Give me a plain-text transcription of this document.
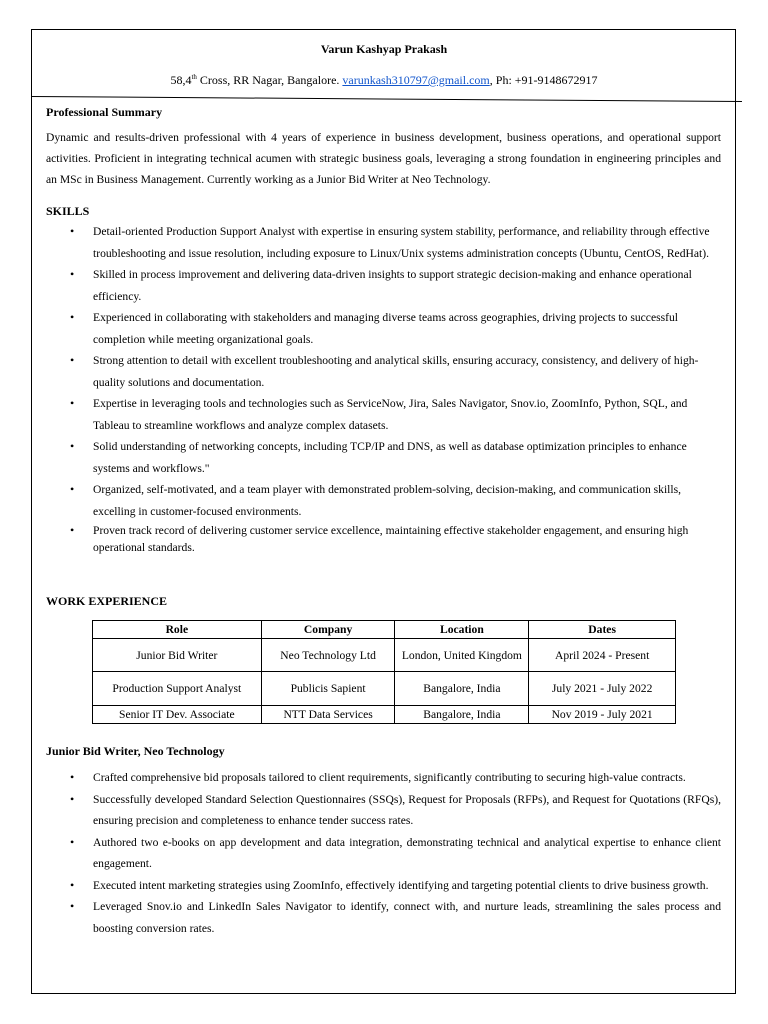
Varun Kashyap Prakash
58,4th Cross, RR Nagar, Bangalore. varunkash310797@gmail.com, Ph: +91-9148672917
Professional Summary

Dynamic and results-driven professional with 4 years of experience in business development, business operations, and operational support activities. Proficient in integrating technical acumen with strategic business goals, leveraging a strong foundation in engineering principles and an MSc in Business Management. Currently working as a Junior Bid Writer at Neo Technology.

SKILLS
• Detail-oriented Production Support Analyst with expertise in ensuring system stability, performance, and reliability through effective troubleshooting and issue resolution, including exposure to Linux/Unix systems administration concepts (Ubuntu, CentOS, RedHat).
• Skilled in process improvement and delivering data-driven insights to support strategic decision-making and enhance operational efficiency.
• Experienced in collaborating with stakeholders and managing diverse teams across geographies, driving projects to successful completion while meeting organizational goals.
• Strong attention to detail with excellent troubleshooting and analytical skills, ensuring accuracy, consistency, and delivery of high-quality solutions and documentation.
• Expertise in leveraging tools and technologies such as ServiceNow, Jira, Sales Navigator, Snov.io, ZoomInfo, Python, SQL, and Tableau to streamline workflows and analyze complex datasets.
• Solid understanding of networking concepts, including TCP/IP and DNS, as well as database optimization principles to enhance systems and workflows."
• Organized, self-motivated, and a team player with demonstrated problem-solving, decision-making, and communication skills, excelling in customer-focused environments.
• Proven track record of delivering customer service excellence, maintaining effective stakeholder engagement, and ensuring high operational standards.
WORK EXPERIENCE
Role	Company	Location	Dates
Junior Bid Writer	Neo Technology Ltd	London, United Kingdom	April 2024 - Present
Production Support Analyst	Publicis Sapient	Bangalore, India	July 2021 - July 2022
Senior IT Dev. Associate	NTT Data Services	Bangalore, India	Nov 2019 - July 2021
Junior Bid Writer, Neo Technology
• Crafted comprehensive bid proposals tailored to client requirements, significantly contributing to securing high-value contracts.
• Successfully developed Standard Selection Questionnaires (SSQs), Request for Proposals (RFPs), and Request for Quotations (RFQs), ensuring precision and completeness to enhance tender success rates.
• Authored two e-books on app development and data integration, demonstrating technical and analytical expertise to enhance client engagement.
• Executed intent marketing strategies using ZoomInfo, effectively identifying and targeting potential clients to drive business growth.
• Leveraged Snov.io and LinkedIn Sales Navigator to identify, connect with, and nurture leads, streamlining the sales process and boosting conversion rates.
